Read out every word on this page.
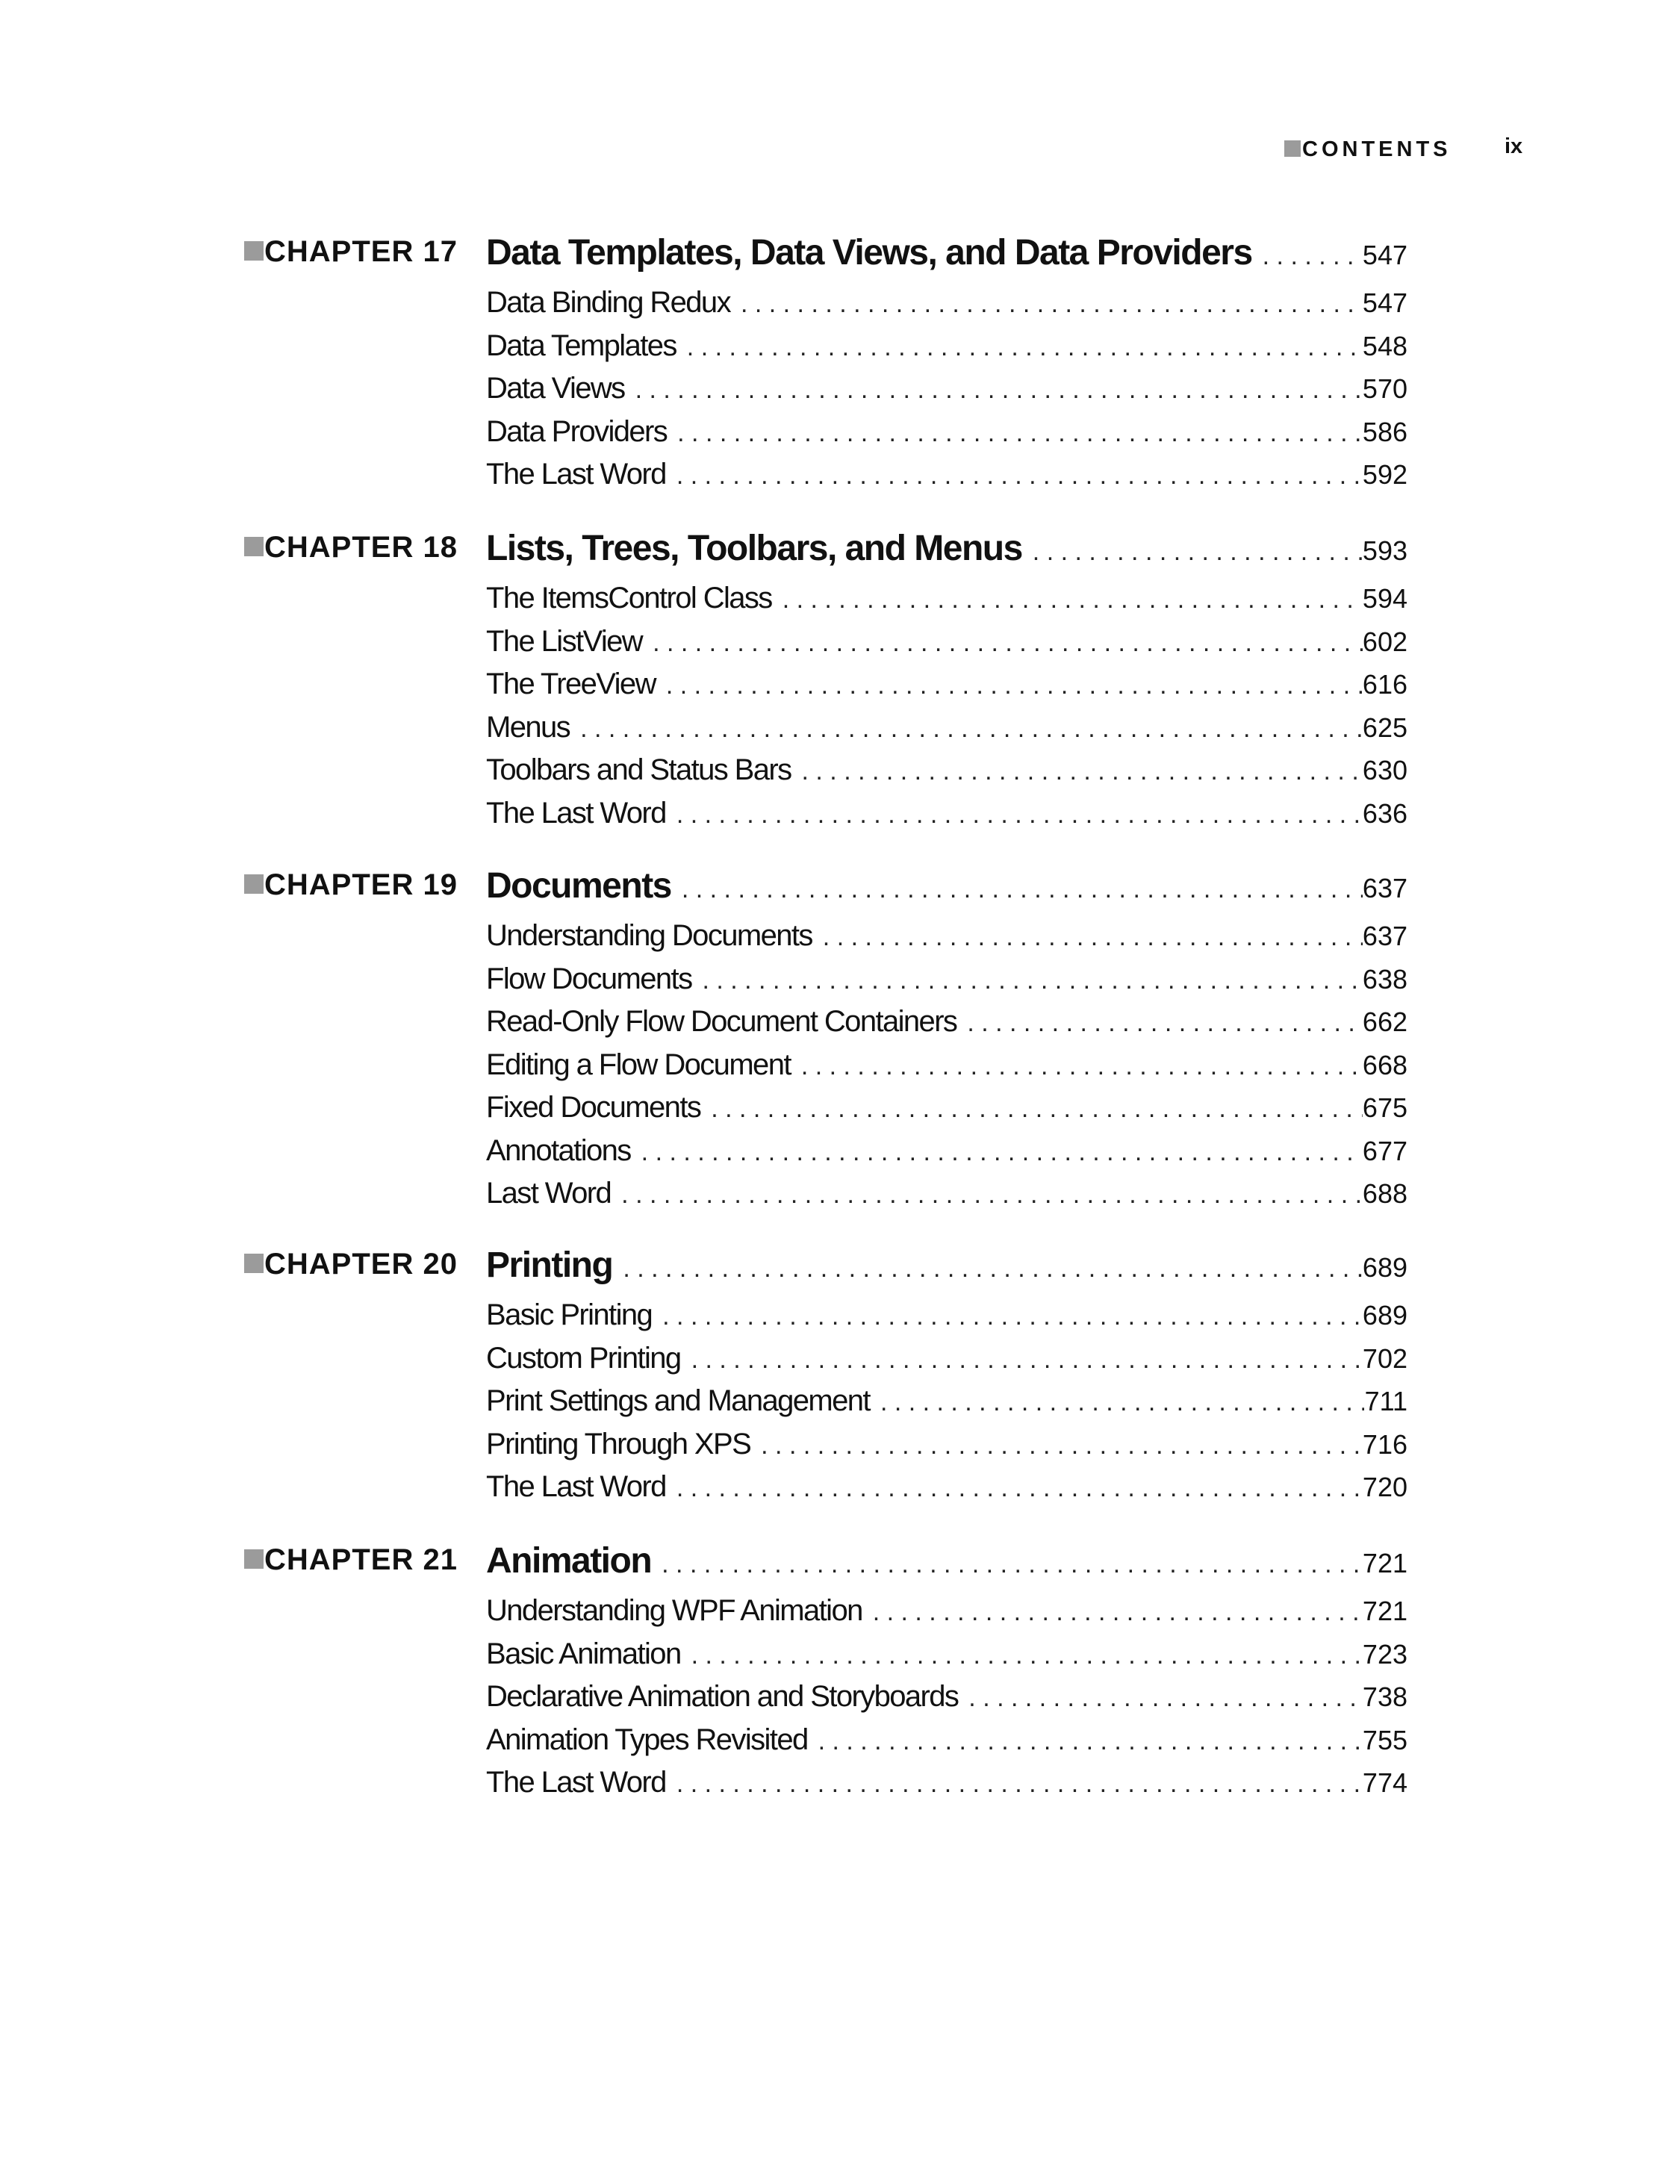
CONTENTS ix
CHAPTER 17 Data Templates, Data Views, and Data Providers . . .	547
Data Binding Redux . . .	547
Data Templates . . .	548
Data Views . . .	570
Data Providers . . .	586
The Last Word . . .	592
CHAPTER 18 Lists, Trees, Toolbars, and Menus . . .	593
The ItemsControl Class . . .	594
The ListView . . .	602
The TreeView . . .	616
Menus . . .	625
Toolbars and Status Bars . . .	630
The Last Word . . .	636
CHAPTER 19 Documents . . .	637
Understanding Documents . . .	637
Flow Documents . . .	638
Read-Only Flow Document Containers . . .	662
Editing a Flow Document . . .	668
Fixed Documents . . .	675
Annotations . . .	677
Last Word . . .	688
CHAPTER 20 Printing . . .	689
Basic Printing . . .	689
Custom Printing . . .	702
Print Settings and Management . . .	711
Printing Through XPS . . .	716
The Last Word . . .	720
CHAPTER 21 Animation . . .	721
Understanding WPF Animation . . .	721
Basic Animation . . .	723
Declarative Animation and Storyboards . . .	738
Animation Types Revisited . . .	755
The Last Word . . .	774
